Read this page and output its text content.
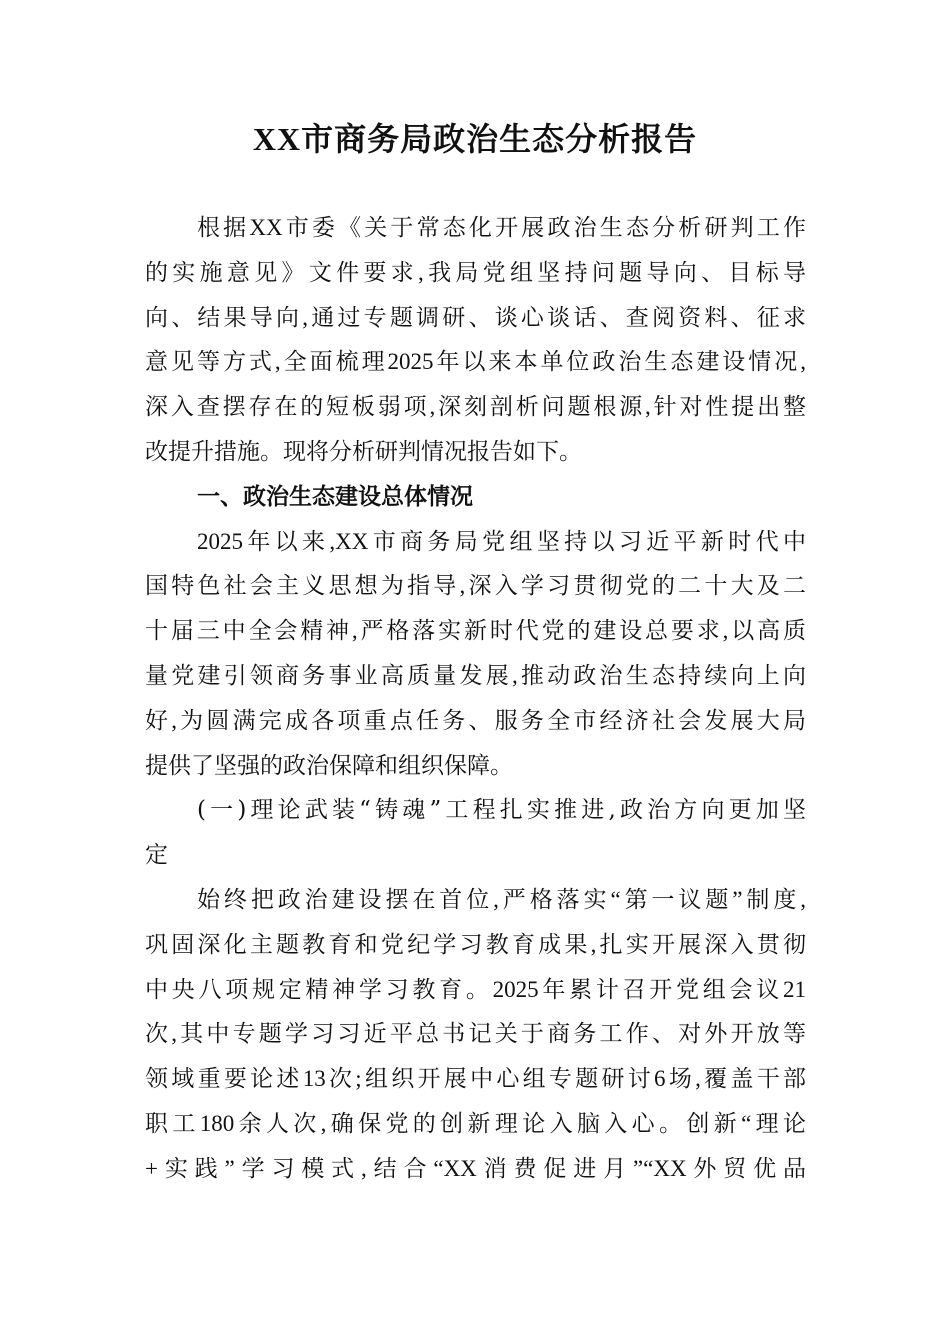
XX市商务局政治生态分析报告
根据XX市委《关于常态化开展政治生态分析研判工作
的实施意见》文件要求,我局党组坚持问题导向、目标导
向、结果导向,通过专题调研、谈心谈话、查阅资料、征求
意见等方式,全面梳理2025年以来本单位政治生态建设情况,
深入查摆存在的短板弱项,深刻剖析问题根源,针对性提出整
改提升措施。现将分析研判情况报告如下。
一、政治生态建设总体情况
2025年以来,XX市商务局党组坚持以习近平新时代中
国特色社会主义思想为指导,深入学习贯彻党的二十大及二
十届三中全会精神,严格落实新时代党的建设总要求,以高质
量党建引领商务事业高质量发展,推动政治生态持续向上向
好,为圆满完成各项重点任务、服务全市经济社会发展大局
提供了坚强的政治保障和组织保障。
(一)理论武装“铸魂”工程扎实推进,政治方向更加坚
定
始终把政治建设摆在首位,严格落实“第一议题”制度,
巩固深化主题教育和党纪学习教育成果,扎实开展深入贯彻
中央八项规定精神学习教育。2025年累计召开党组会议21
次,其中专题学习习近平总书记关于商务工作、对外开放等
领域重要论述13次;组织开展中心组专题研讨6场,覆盖干部
职工180余人次,确保党的创新理论入脑入心。创新“理论
+实践”学习模式,结合“XX消费促进月”“XX外贸优品
